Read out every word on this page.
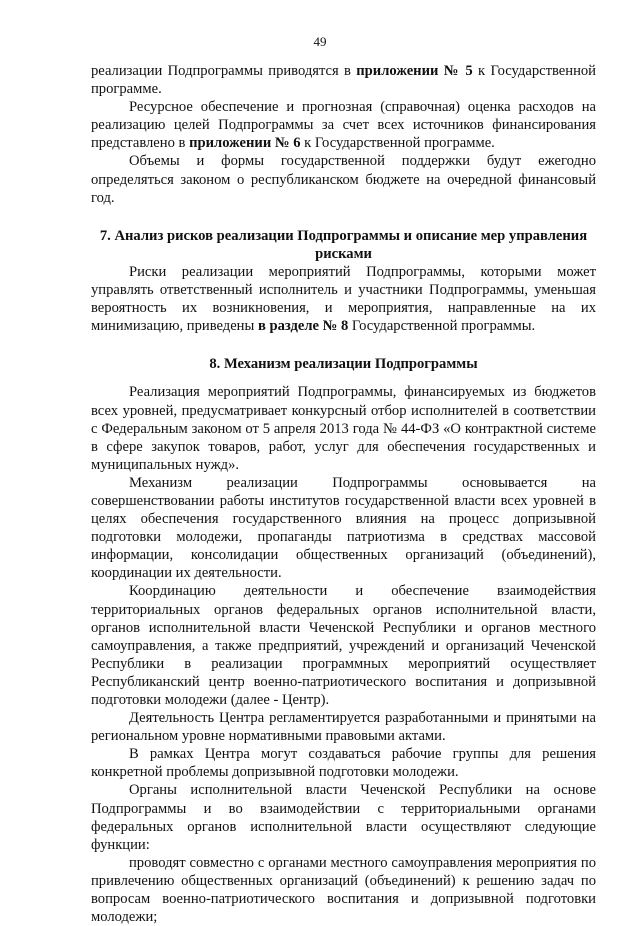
49

реализации Подпрограммы приводятся в приложении № 5 к Государственной программе.

Ресурсное обеспечение и прогнозная (справочная) оценка расходов на реализацию целей Подпрограммы за счет всех источников финансирования представлено в приложении № 6 к Государственной программе.

Объемы и формы государственной поддержки будут ежегодно определяться законом о республиканском бюджете на очередной финансовый год.

7. Анализ рисков реализации Подпрограммы и описание мер управления рисками

Риски реализации мероприятий Подпрограммы, которыми может управлять ответственный исполнитель и участники Подпрограммы, уменьшая вероятность их возникновения, и мероприятия, направленные на их минимизацию, приведены в разделе № 8 Государственной программы.

8. Механизм реализации Подпрограммы

Реализация мероприятий Подпрограммы, финансируемых из бюджетов всех уровней, предусматривает конкурсный отбор исполнителей в соответствии с Федеральным законом от 5 апреля 2013 года № 44-ФЗ «О контрактной системе в сфере закупок товаров, работ, услуг для обеспечения государственных и муниципальных нужд».

Механизм реализации Подпрограммы основывается на совершенствовании работы институтов государственной власти всех уровней в целях обеспечения государственного влияния на процесс допризывной подготовки молодежи, пропаганды патриотизма в средствах массовой информации, консолидации общественных организаций (объединений), координации их деятельности.

Координацию деятельности и обеспечение взаимодействия территориальных органов федеральных органов исполнительной власти, органов исполнительной власти Чеченской Республики и органов местного самоуправления, а также предприятий, учреждений и организаций Чеченской Республики в реализации программных мероприятий осуществляет Республиканский центр военно-патриотического воспитания и допризывной подготовки молодежи (далее - Центр).

Деятельность Центра регламентируется разработанными и принятыми на региональном уровне нормативными правовыми актами.

В рамках Центра могут создаваться рабочие группы для решения конкретной проблемы допризывной подготовки молодежи.

Органы исполнительной власти Чеченской Республики на основе Подпрограммы и во взаимодействии с территориальными органами федеральных органов исполнительной власти осуществляют следующие функции:

проводят совместно с органами местного самоуправления мероприятия по привлечению общественных организаций (объединений) к решению задач по вопросам военно-патриотического воспитания и допризывной подготовки молодежи;
